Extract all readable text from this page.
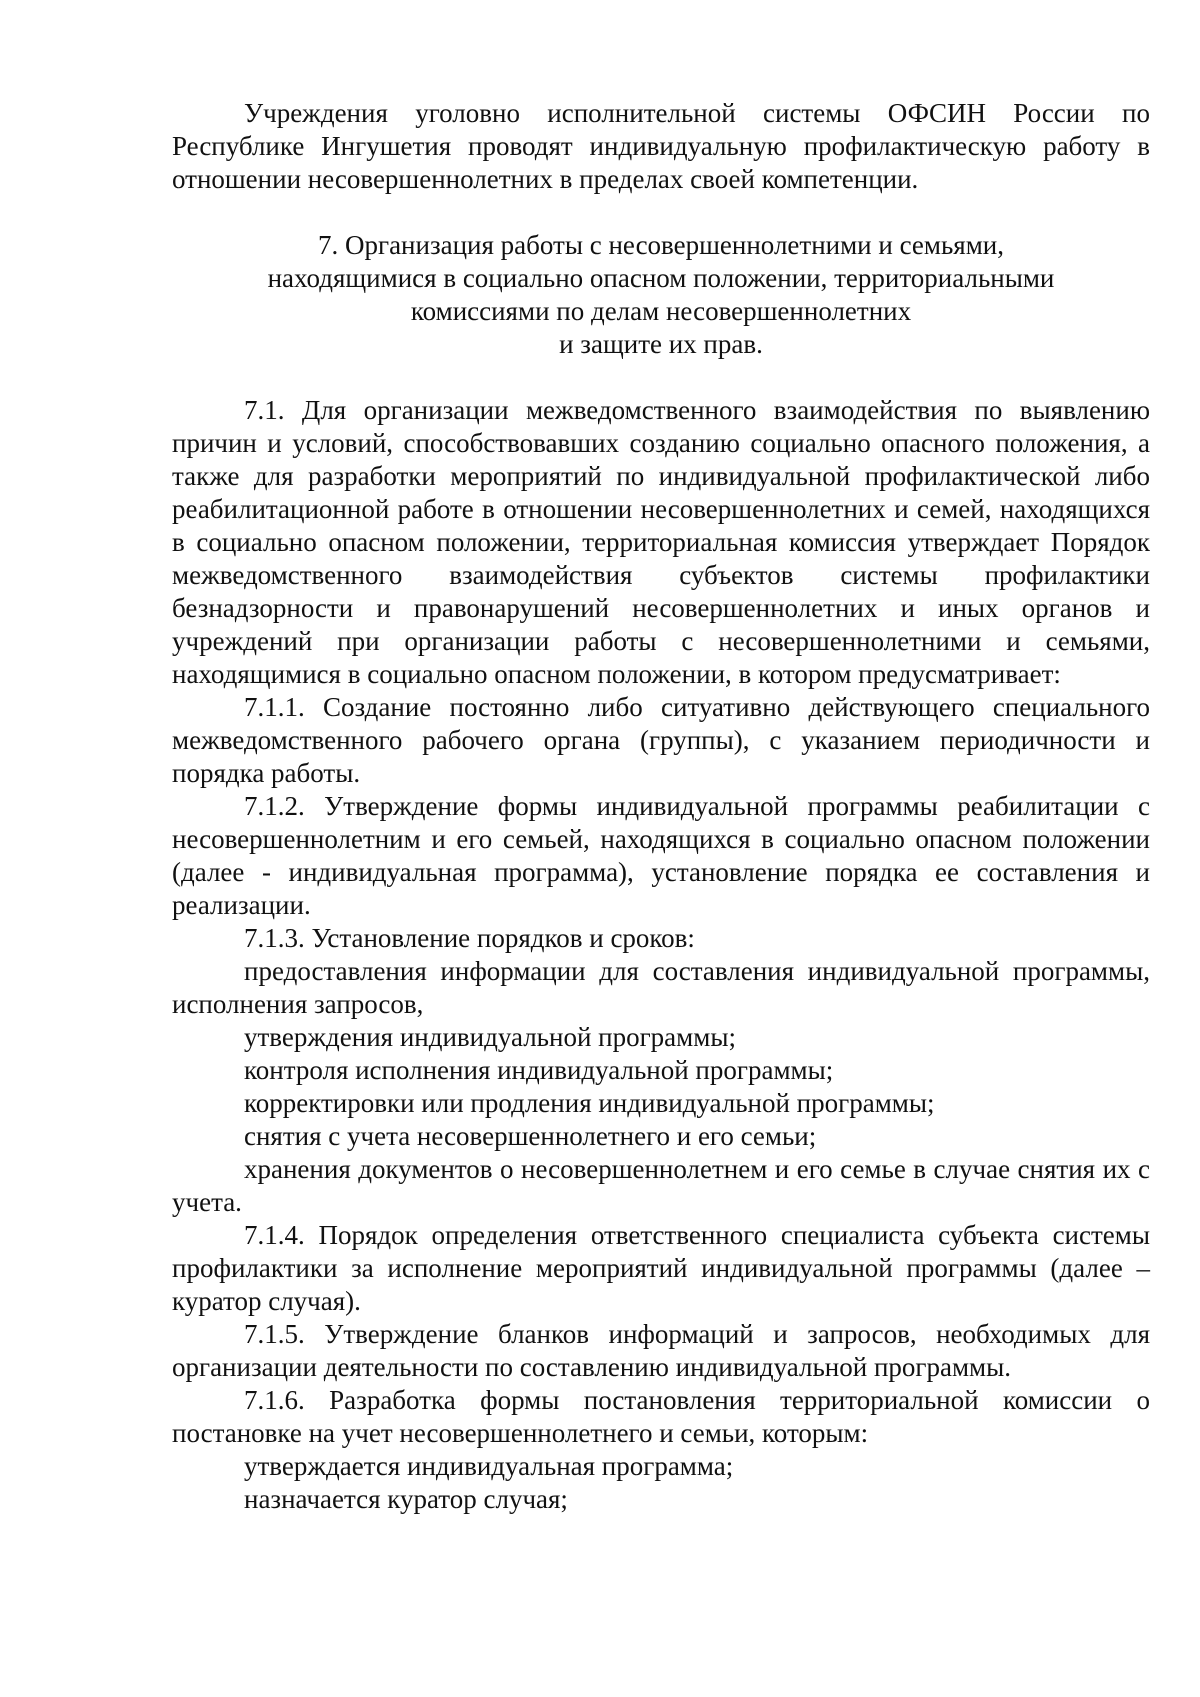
Учреждения уголовно исполнительной системы ОФСИН России по Республике Ингушетия проводят индивидуальную профилактическую работу в отношении несовершеннолетних в пределах своей компетенции.

7. Организация работы с несовершеннолетними и семьями,
находящимися в социально опасном положении, территориальными
комиссиями по делам несовершеннолетних
и защите их прав.

7.1. Для организации межведомственного взаимодействия по выявлению причин и условий, способствовавших созданию социально опасного положения, а также для разработки мероприятий по индивидуальной профилактической либо реабилитационной работе в отношении несовершеннолетних и семей, находящихся в социально опасном положении, территориальная комиссия утверждает Порядок межведомственного взаимодействия субъектов системы профилактики безнадзорности и правонарушений несовершеннолетних и иных органов и учреждений при организации работы с несовершеннолетними и семьями, находящимися в социально опасном положении, в котором предусматривает:

7.1.1. Создание постоянно либо ситуативно действующего специального межведомственного рабочего органа (группы), с указанием периодичности и порядка работы.

7.1.2. Утверждение формы индивидуальной программы реабилитации с несовершеннолетним и его семьей, находящихся в социально опасном положении (далее - индивидуальная программа), установление порядка ее составления и реализации.

7.1.3. Установление порядков и сроков:

предоставления информации для составления индивидуальной программы, исполнения запросов,

утверждения индивидуальной программы;

контроля исполнения индивидуальной программы;

корректировки или продления индивидуальной программы;

снятия с учета несовершеннолетнего и его семьи;

хранения документов о несовершеннолетнем и его семье в случае снятия их с учета.

7.1.4. Порядок определения ответственного специалиста субъекта системы профилактики за исполнение мероприятий индивидуальной программы (далее – куратор случая).

7.1.5. Утверждение бланков информаций и запросов, необходимых для организации деятельности по составлению индивидуальной программы.

7.1.6. Разработка формы постановления территориальной комиссии о постановке на учет несовершеннолетнего и семьи, которым:

утверждается индивидуальная программа;

назначается куратор случая;
